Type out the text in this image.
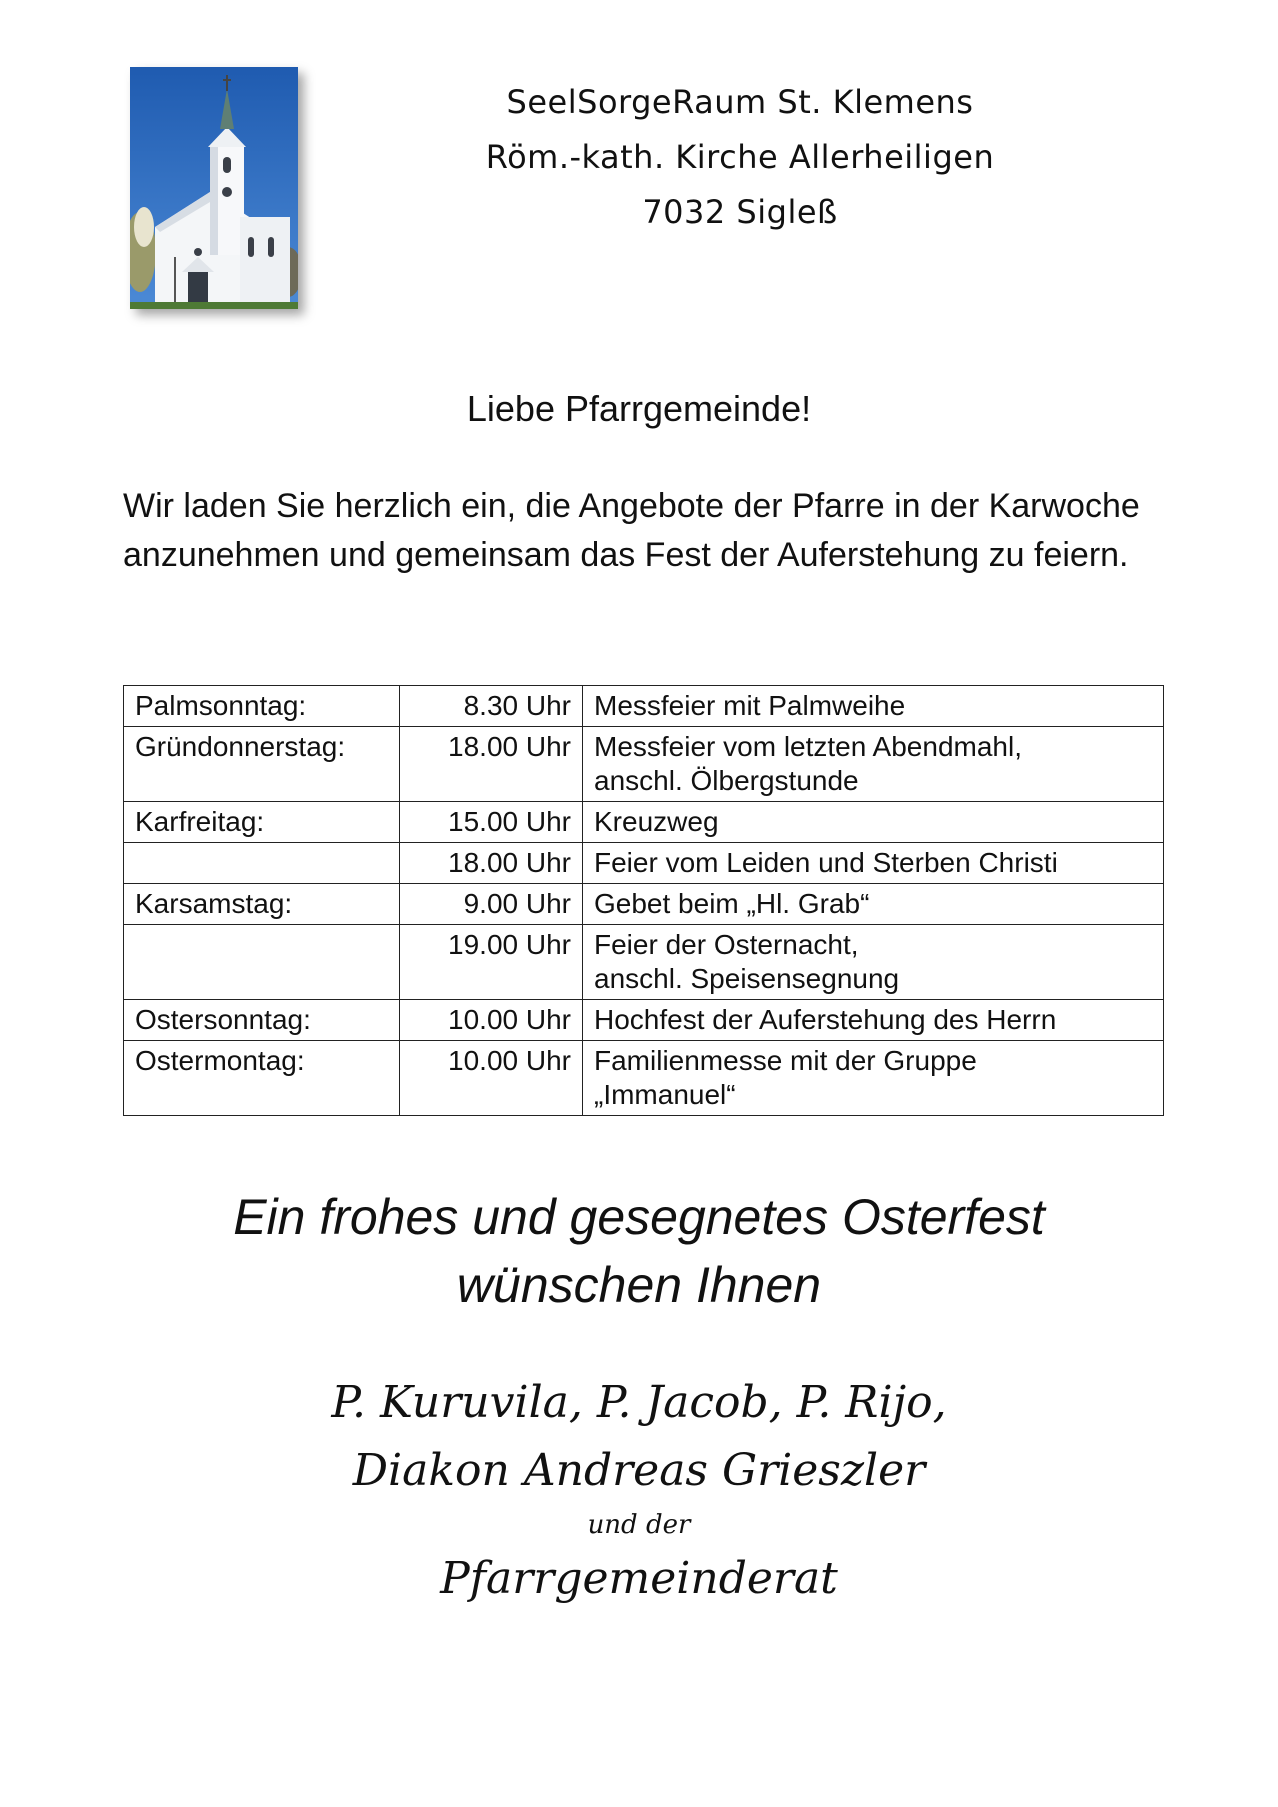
SeelSorgeRaum St. Klemens
Röm.-kath. Kirche Allerheiligen
7032 Sigleß
Liebe Pfarrgemeinde!
Wir laden Sie herzlich ein, die Angebote der Pfarre in der Karwoche anzunehmen und gemeinsam das Fest der Auferstehung zu feiern.
Palmsonntag:	8.30 Uhr	Messfeier mit Palmweihe

Gründonnerstag:	18.00 Uhr	Messfeier vom letzten Abendmahl,
anschl. Ölbergstunde

Karfreitag:	15.00 Uhr	Kreuzweg

	18.00 Uhr	Feier vom Leiden und Sterben Christi

Karsamstag:	9.00 Uhr	Gebet beim „Hl. Grab“

	19.00 Uhr	Feier der Osternacht,
anschl. Speisensegnung

Ostersonntag:	10.00 Uhr	Hochfest der Auferstehung des Herrn

Ostermontag:	10.00 Uhr	Familienmesse mit der Gruppe
„Immanuel“
Ein frohes und gesegnetes Osterfest
wünschen Ihnen
P. Kuruvila, P. Jacob, P. Rijo,
Diakon Andreas Grieszler
und der
Pfarrgemeinderat
